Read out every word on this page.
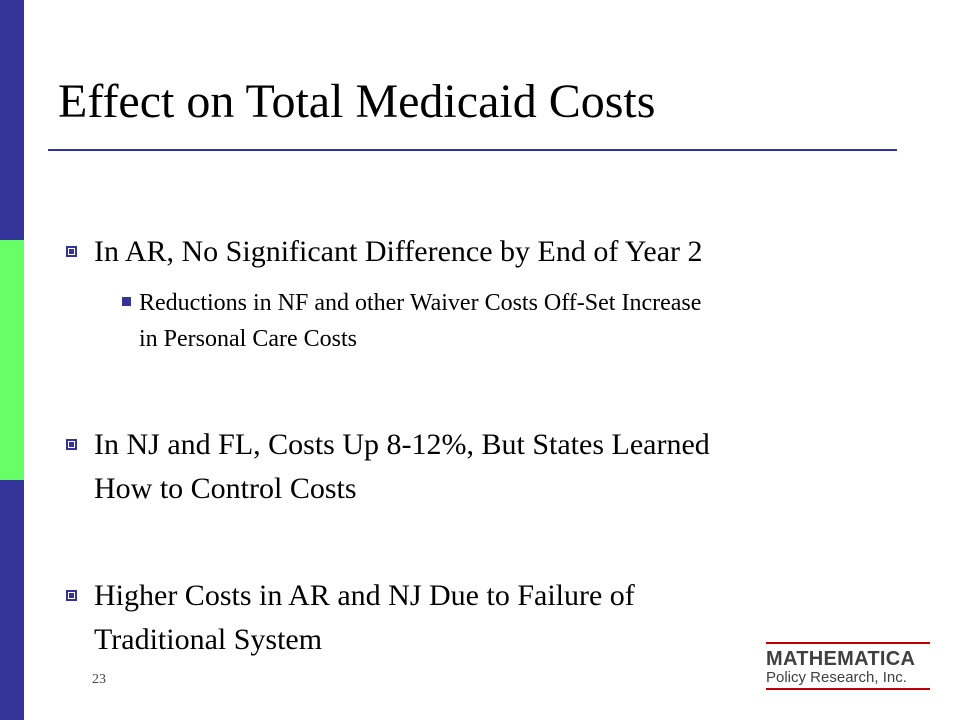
Effect on Total Medicaid Costs
In AR, No Significant Difference by End of Year 2
Reductions in NF and other Waiver Costs Off-Set Increase
in Personal Care Costs
In NJ and FL, Costs Up 8-12%, But States Learned
How to Control Costs
Higher Costs in AR and NJ Due to Failure of
Traditional System
23
MATHEMATICA
Policy Research, Inc.
